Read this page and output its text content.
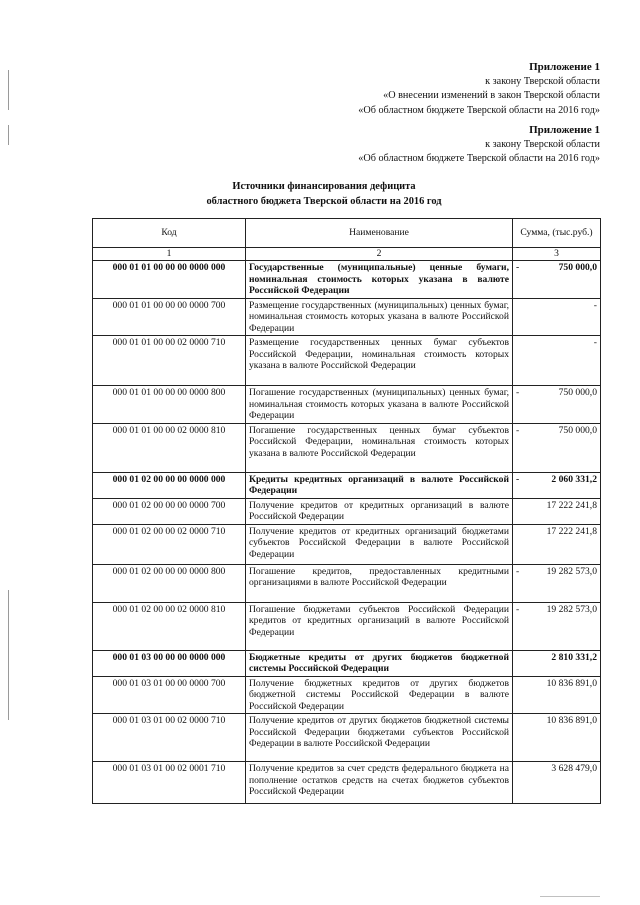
Приложение 1
к закону Тверской области
«О внесении изменений в закон Тверской области
«Об областном бюджете Тверской области на 2016 год»
Приложение 1
к закону Тверской области
«Об областном бюджете Тверской области на 2016 год»
Источники финансирования дефицита
областного бюджета Тверской области на 2016 год
Код	Наименование	Сумма, (тыс.руб.)
1	2	3
000 01 01 00 00 00 0000 000	Государственные (муниципальные) ценные бумаги, номинальная стоимость которых указана в валюте Российской Федерации	- 750 000,0
000 01 01 00 00 00 0000 700	Размещение государственных (муниципальных) ценных бумаг, номинальная стоимость которых указана в валюте Российской Федерации	-
000 01 01 00 00 02 0000 710	Размещение государственных ценных бумаг субъектов Российской Федерации, номинальная стоимость которых указана в валюте Российской Федерации	-
000 01 01 00 00 00 0000 800	Погашение государственных (муниципальных) ценных бумаг, номинальная стоимость которых указана в валюте Российской Федерации	- 750 000,0
000 01 01 00 00 02 0000 810	Погашение государственных ценных бумаг субъектов Российской Федерации, номинальная стоимость которых указана в валюте Российской Федерации	- 750 000,0
000 01 02 00 00 00 0000 000	Кредиты кредитных организаций в валюте Российской Федерации	- 2 060 331,2
000 01 02 00 00 00 0000 700	Получение кредитов от кредитных организаций в валюте Российской Федерации	17 222 241,8
000 01 02 00 00 02 0000 710	Получение кредитов от кредитных организаций бюджетами субъектов Российской Федерации в валюте Российской Федерации	17 222 241,8
000 01 02 00 00 00 0000 800	Погашение кредитов, предоставленных кредитными организациями в валюте Российской Федерации	- 19 282 573,0
000 01 02 00 00 02 0000 810	Погашение бюджетами субъектов Российской Федерации кредитов от кредитных организаций в валюте Российской Федерации	- 19 282 573,0
000 01 03 00 00 00 0000 000	Бюджетные кредиты от других бюджетов бюджетной системы Российской Федерации	2 810 331,2
000 01 03 01 00 00 0000 700	Получение бюджетных кредитов от других бюджетов бюджетной системы Российской Федерации в валюте Российской Федерации	10 836 891,0
000 01 03 01 00 02 0000 710	Получение кредитов от других бюджетов бюджетной системы Российской Федерации бюджетами субъектов Российской Федерации в валюте Российской Федерации	10 836 891,0
000 01 03 01 00 02 0001 710	Получение кредитов за счет средств федерального бюджета на пополнение остатков средств на счетах бюджетов субъектов Российской Федерации	3 628 479,0
